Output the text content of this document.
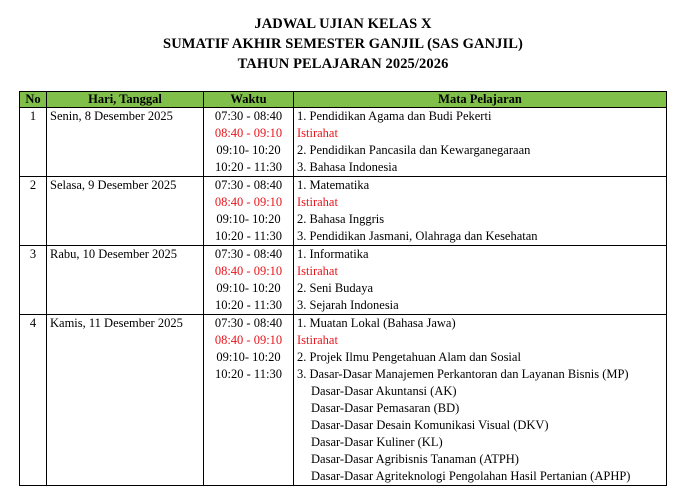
JADWAL UJIAN KELAS X
SUMATIF AKHIR SEMESTER GANJIL (SAS GANJIL)
TAHUN PELAJARAN 2025/2026
No	Hari, Tanggal	Waktu	Mata Pelajaran
1	Senin, 8 Desember 2025	07:30 - 08:40	1. Pendidikan Agama dan Budi Pekerti
		08:40 - 09:10	Istirahat
		09:10- 10:20	2. Pendidikan Pancasila dan Kewarganegaraan
		10:20 - 11:30	3. Bahasa Indonesia
2	Selasa, 9 Desember 2025	07:30 - 08:40	1. Matematika
		08:40 - 09:10	Istirahat
		09:10- 10:20	2. Bahasa Inggris
		10:20 - 11:30	3. Pendidikan Jasmani, Olahraga dan Kesehatan
3	Rabu, 10 Desember 2025	07:30 - 08:40	1. Informatika
		08:40 - 09:10	Istirahat
		09:10- 10:20	2. Seni Budaya
		10:20 - 11:30	3. Sejarah Indonesia
4	Kamis, 11 Desember 2025	07:30 - 08:40	1. Muatan Lokal (Bahasa Jawa)
		08:40 - 09:10	Istirahat
		09:10- 10:20	2. Projek Ilmu Pengetahuan Alam dan Sosial
		10:20 - 11:30	3. Dasar-Dasar Manajemen Perkantoran dan Layanan Bisnis (MP)
			Dasar-Dasar Akuntansi (AK)
			Dasar-Dasar Pemasaran (BD)
			Dasar-Dasar Desain Komunikasi Visual (DKV)
			Dasar-Dasar Kuliner (KL)
			Dasar-Dasar Agribisnis Tanaman (ATPH)
			Dasar-Dasar Agriteknologi Pengolahan Hasil Pertanian (APHP)
